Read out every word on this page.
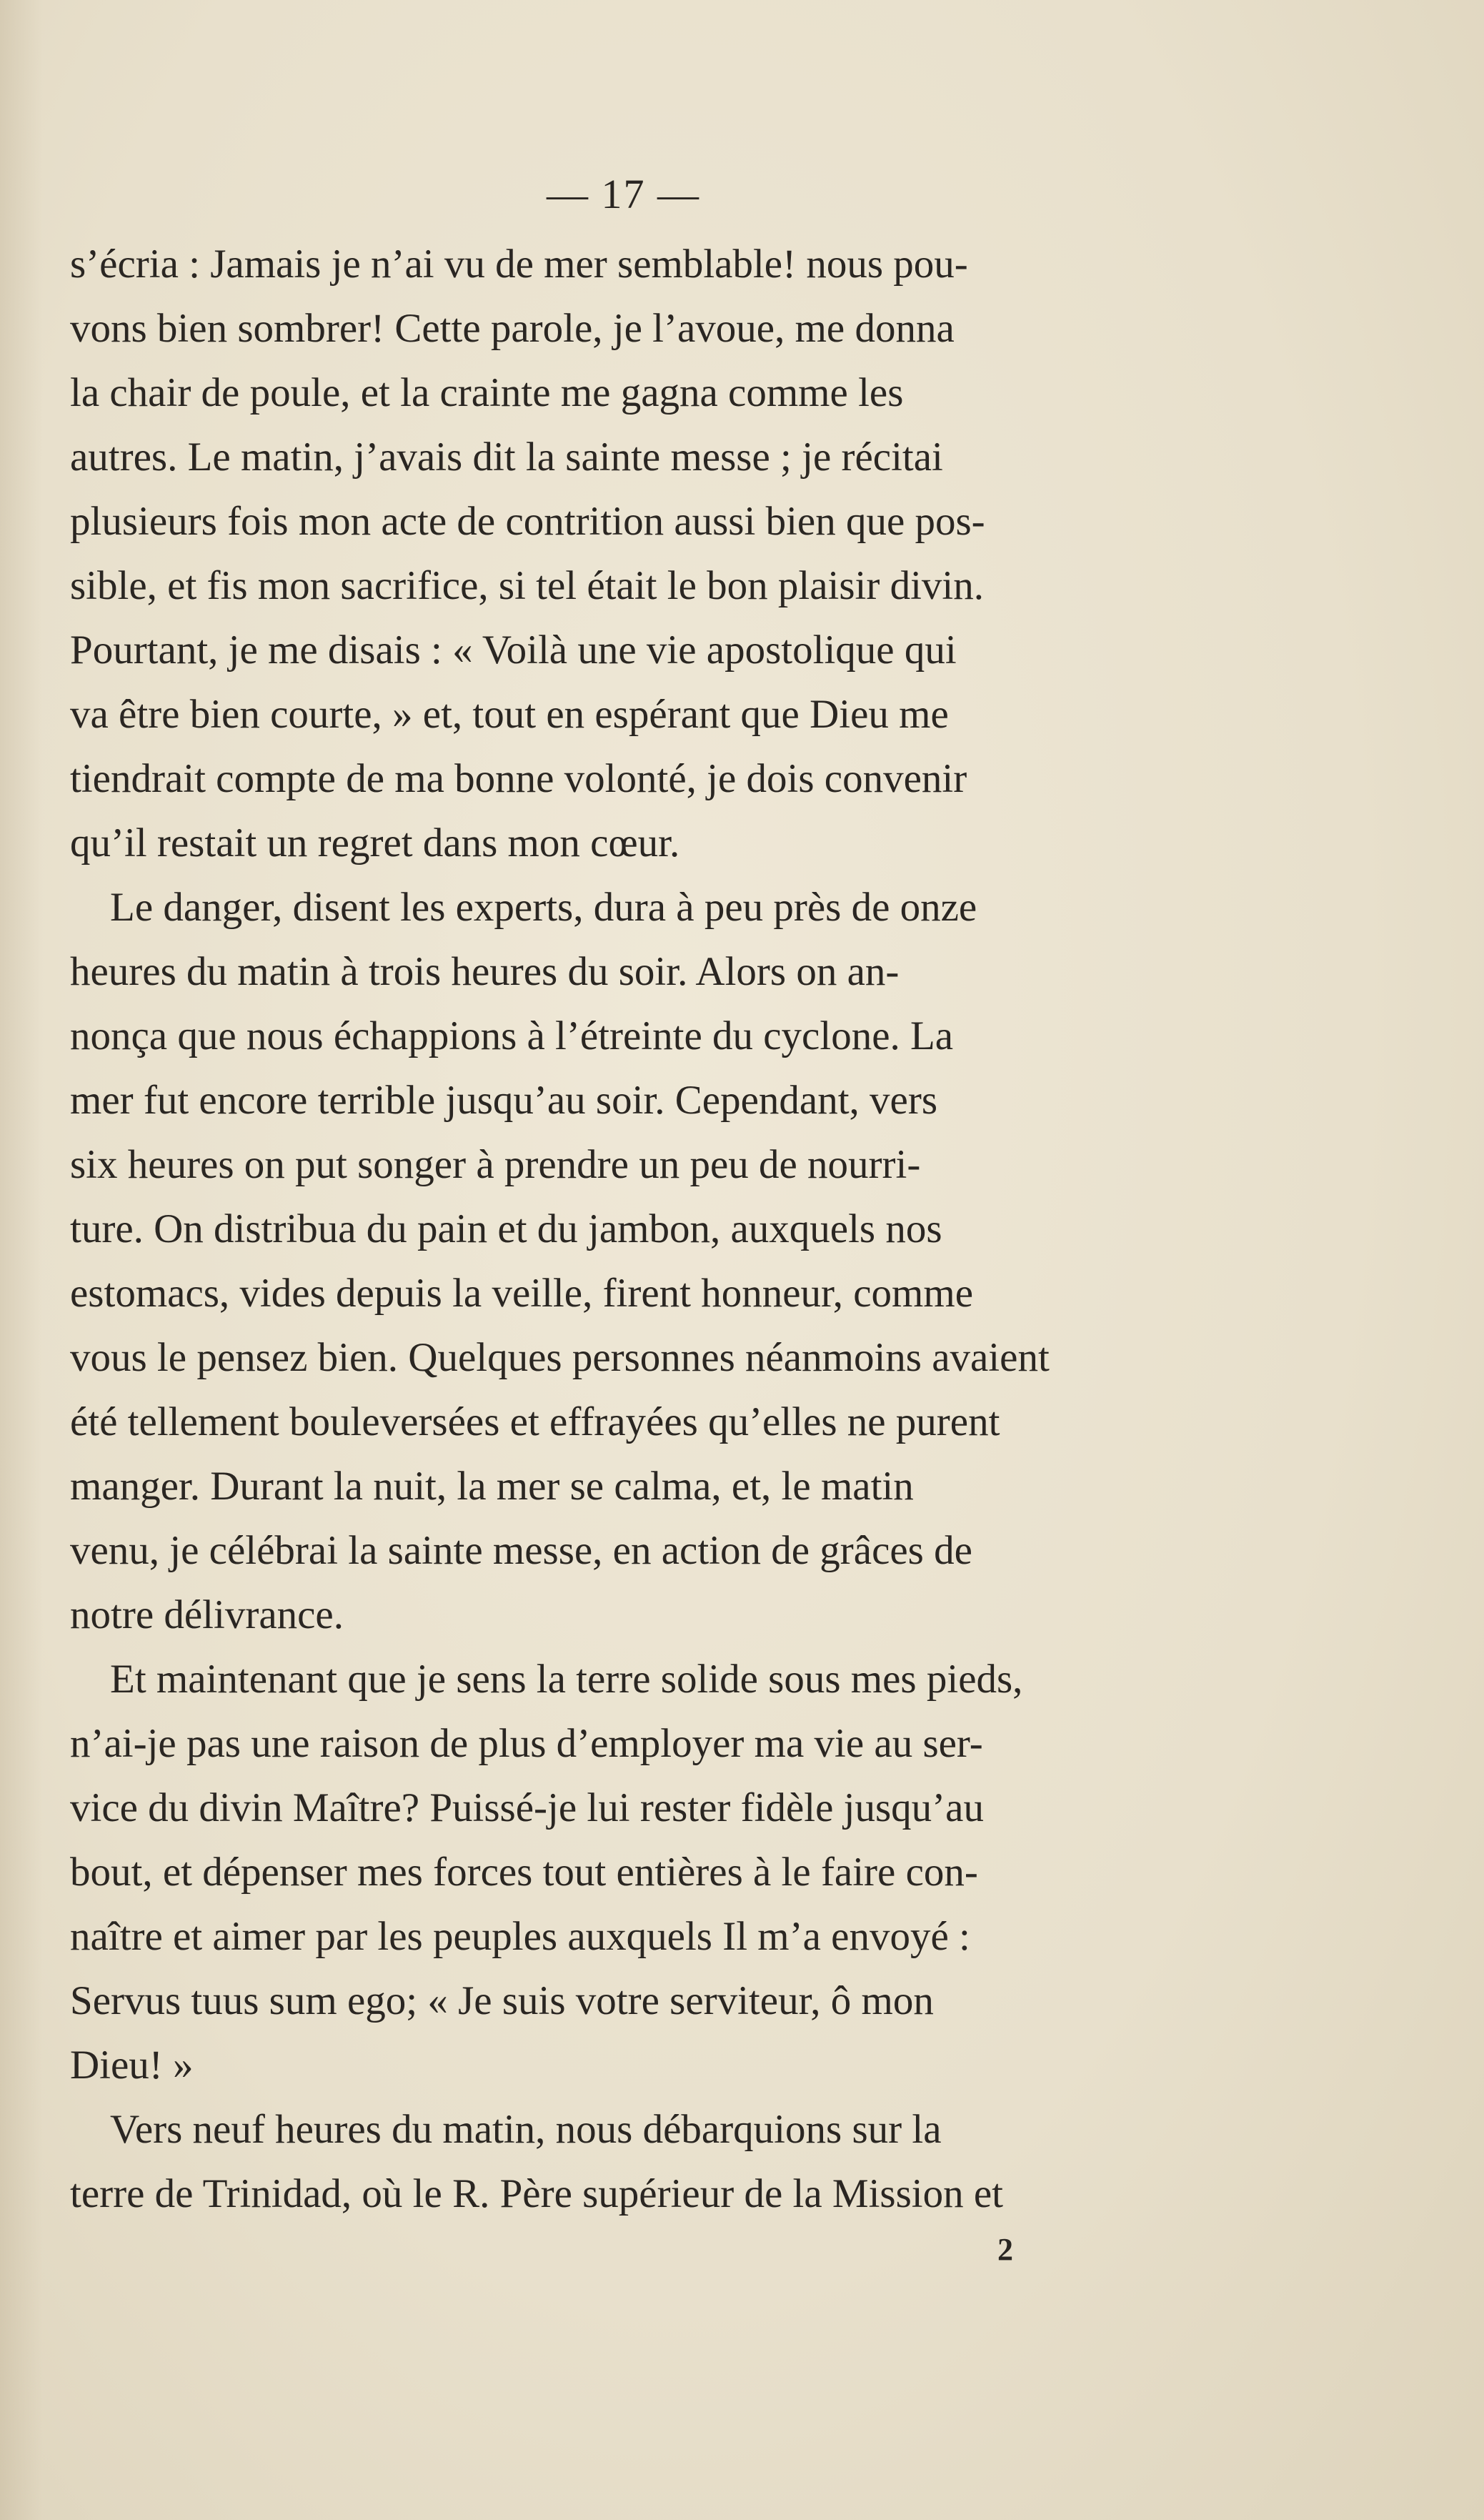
— 17 —
s’écria : Jamais je n’ai vu de mer semblable! nous pou-
vons bien sombrer! Cette parole, je l’avoue, me donna
la chair de poule, et la crainte me gagna comme les
autres. Le matin, j’avais dit la sainte messe ; je récitai
plusieurs fois mon acte de contrition aussi bien que pos-
sible, et fis mon sacrifice, si tel était le bon plaisir divin.
Pourtant, je me disais : « Voilà une vie apostolique qui
va être bien courte, » et, tout en espérant que Dieu me
tiendrait compte de ma bonne volonté, je dois convenir
qu’il restait un regret dans mon cœur.
Le danger, disent les experts, dura à peu près de onze
heures du matin à trois heures du soir. Alors on an-
nonça que nous échappions à l’étreinte du cyclone. La
mer fut encore terrible jusqu’au soir. Cependant, vers
six heures on put songer à prendre un peu de nourri-
ture. On distribua du pain et du jambon, auxquels nos
estomacs, vides depuis la veille, firent honneur, comme
vous le pensez bien. Quelques personnes néanmoins avaient
été tellement bouleversées et effrayées qu’elles ne purent
manger. Durant la nuit, la mer se calma, et, le matin
venu, je célébrai la sainte messe, en action de grâces de
notre délivrance.
Et maintenant que je sens la terre solide sous mes pieds,
n’ai-je pas une raison de plus d’employer ma vie au ser-
vice du divin Maître? Puissé-je lui rester fidèle jusqu’au
bout, et dépenser mes forces tout entières à le faire con-
naître et aimer par les peuples auxquels Il m’a envoyé :
Servus tuus sum ego; « Je suis votre serviteur, ô mon
Dieu! »
Vers neuf heures du matin, nous débarquions sur la
terre de Trinidad, où le R. Père supérieur de la Mission et
2
